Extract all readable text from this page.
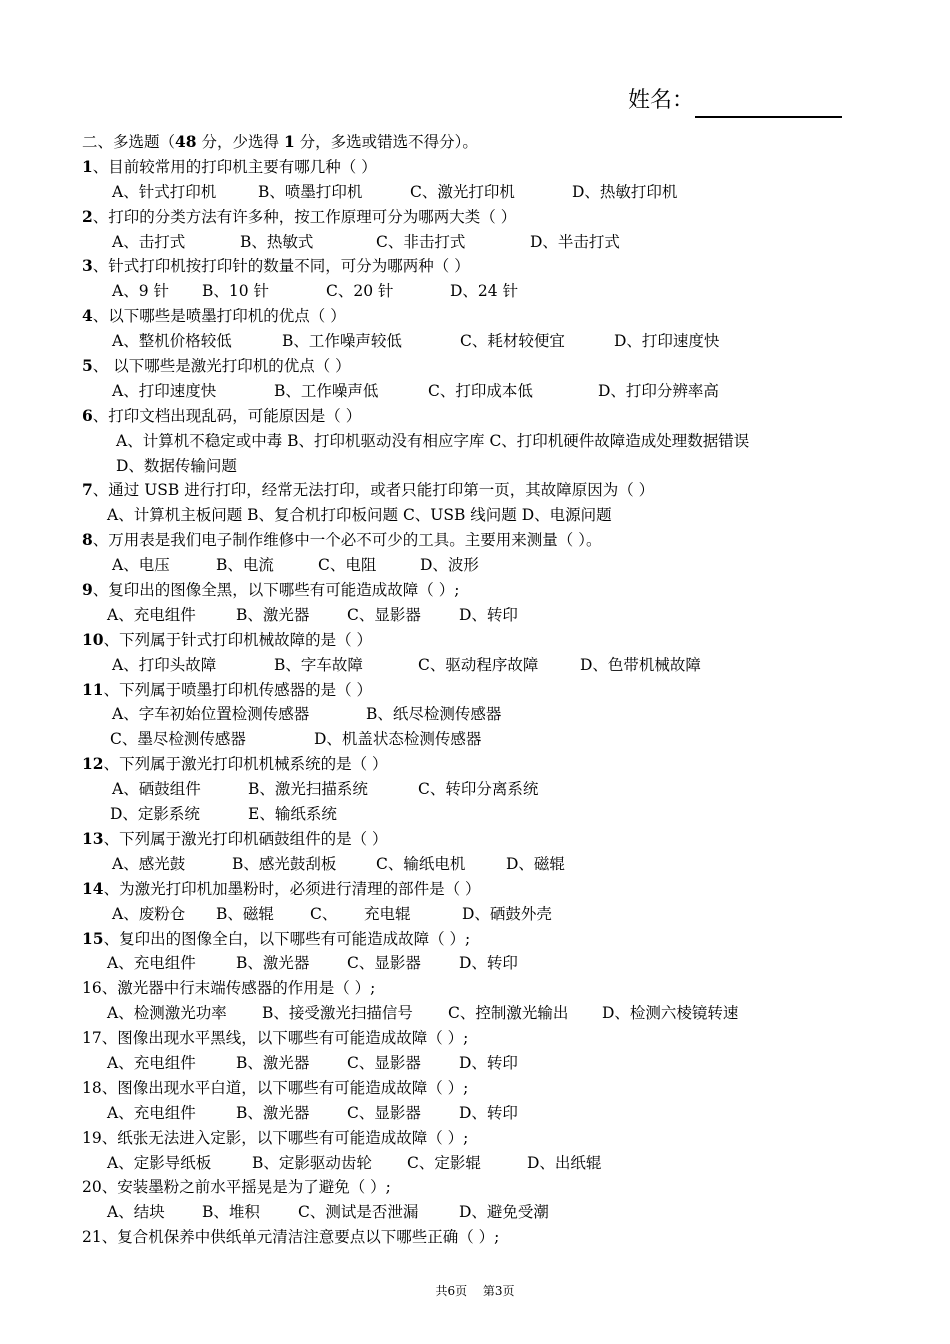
姓名：
二、多选题（48 分，少选得 1 分，多选或错选不得分）。
1、目前较常用的打印机主要有哪几种（ ）
A、针式打印机	B、喷墨打印机	C、激光打印机	D、热敏打印机
2、打印的分类方法有许多种，按工作原理可分为哪两大类（ ）
A、击打式	B、热敏式	C、非击打式	D、半击打式
3、针式打印机按打印针的数量不同，可分为哪两种（ ）
A、9 针 B、10 针	C、20 针	D、24 针
4、以下哪些是喷墨打印机的优点（ ）
A、整机价格较低	B、工作噪声较低	C、耗材较便宜	D、打印速度快
5、 以下哪些是激光打印机的优点（ ）
A、打印速度快	B、工作噪声低	C、打印成本低	D、打印分辨率高
6、打印文档出现乱码，可能原因是（ ）
A、计算机不稳定或中毒 B、打印机驱动没有相应字库 C、打印机硬件故障造成处理数据错误
D、数据传输问题
7、通过 USB 进行打印，经常无法打印，或者只能打印第一页，其故障原因为（ ）
A、计算机主板问题 B、复合机打印板问题 C、USB 线问题 D、电源问题
8、万用表是我们电子制作维修中一个必不可少的工具。主要用来测量（ ）。
A、电压	B、电流	C、电阻	D、波形
9、复印出的图像全黑，以下哪些有可能造成故障（ ）;
A、充电组件	B、激光器 C、显影器 D、转印
10、下列属于针式打印机械故障的是（ ）
A、打印头故障	B、字车故障	C、驱动程序故障	D、色带机械故障
11、下列属于喷墨打印机传感器的是（ ）
A、字车初始位置检测传感器	B、纸尽检测传感器
C、墨尽检测传感器	D、机盖状态检测传感器
12、下列属于激光打印机机械系统的是（ ）
A、硒鼓组件	B、激光扫描系统	C、转印分离系统
D、定影系统	E、输纸系统
13、下列属于激光打印机硒鼓组件的是（ ）
A、感光鼓	B、感光鼓刮板	C、输纸电机	D、磁辊
14、为激光打印机加墨粉时，必须进行清理的部件是（ ）
A、废粉仓 B、磁辊 C、 充电辊	D、硒鼓外壳
15、复印出的图像全白，以下哪些有可能造成故障（ ）;
A、充电组件	B、激光器 C、显影器 D、转印
16、激光器中行末端传感器的作用是（ ）;
A、检测激光功率 B、接受激光扫描信号 C、控制激光输出 D、检测六棱镜转速
17、图像出现水平黑线，以下哪些有可能造成故障（ ）;
A、充电组件	B、激光器 C、显影器 D、转印
18、图像出现水平白道，以下哪些有可能造成故障（ ）;
A、充电组件	B、激光器 C、显影器 D、转印
19、纸张无法进入定影，以下哪些有可能造成故障（ ）;
A、定影导纸板	B、定影驱动齿轮 C、定影辊	D、出纸辊
20、安装墨粉之前水平摇晃是为了避免（ ）;
A、结块 B、堆积 C、测试是否泄漏	D、避免受潮
21、复合机保养中供纸单元清洁注意要点以下哪些正确（ ）;
共6页 第3页
